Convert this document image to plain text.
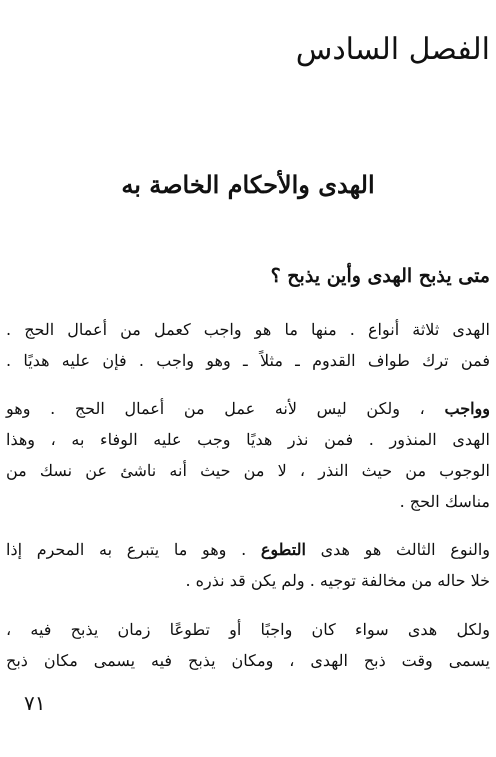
الفصل السادس
الهدى والأحكام الخاصة به
متى يذبح الهدى وأين يذبح ؟
الهدى ثلاثة أنواع . منها ما هو واجب كعمل من أعمال الحج .
فمن ترك طواف القدوم ـ مثلاً ـ وهو واجب . فإن عليه هديًا .
وواجب ، ولكن ليس لأنه عمل من أعمال الحج . وهو
الهدى المنذور . فمن نذر هديًا وجب عليه الوفاء به ، وهذا
الوجوب من حيث النذر ، لا من حيث أنه ناشئ عن نسك من
مناسك الحج .
والنوع الثالث هو هدى التطوع . وهو ما يتبرع به المحرم إذا
خلا حاله من مخالفة توجيه . ولم يكن قد نذره .
ولكل هدى سواء كان واجبًا أو تطوعًا زمان يذبح فيه ،
يسمى وقت ذبح الهدى ، ومكان يذبح فيه يسمى مكان ذبح
٧١
